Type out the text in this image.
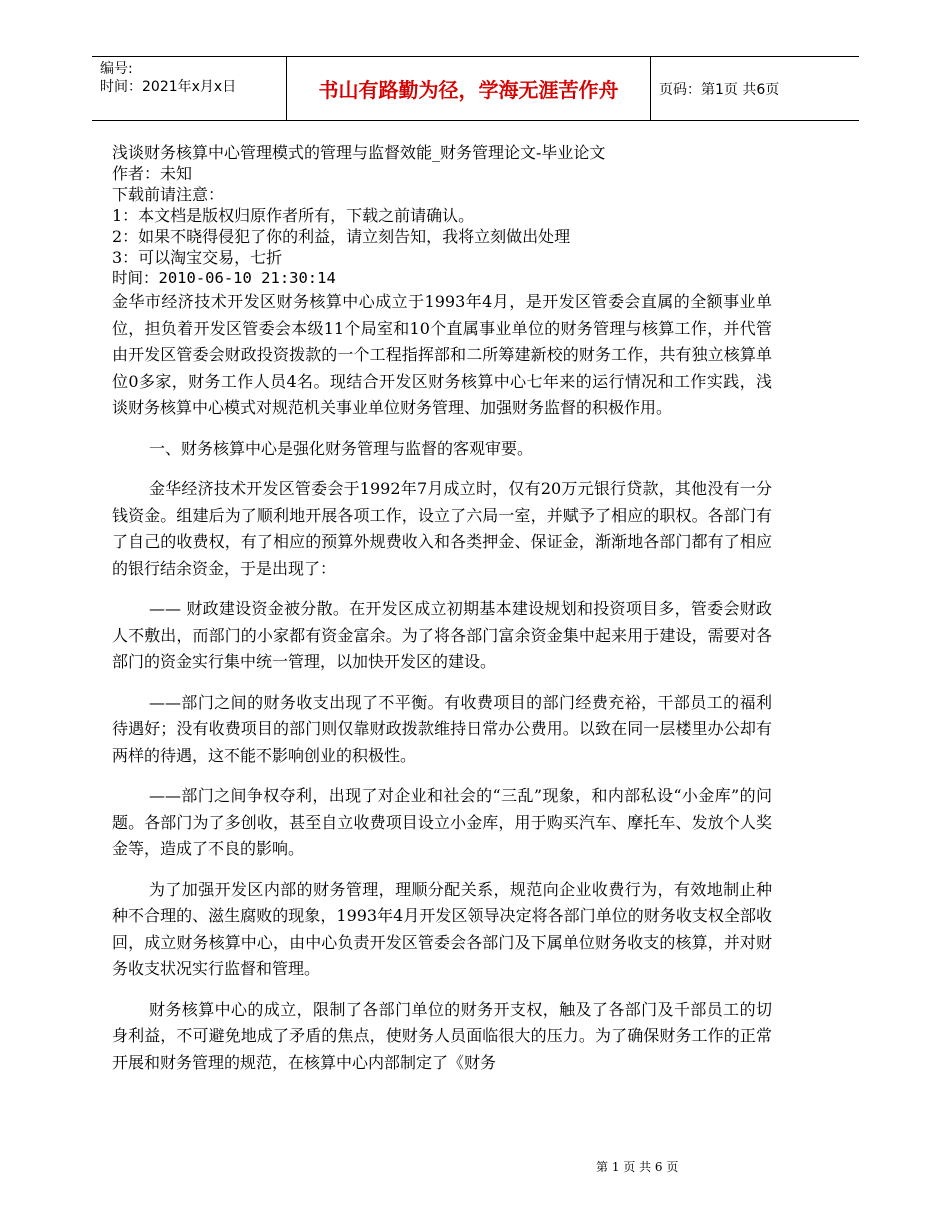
编号:
时间：2021年x月x日	书山有路勤为径，学海无涯苦作舟	页码：第1页 共6页
浅谈财务核算中心管理模式的管理与监督效能_财务管理论文-毕业论文
作者：未知
下载前请注意：
1：本文档是版权归原作者所有，下载之前请确认。
2：如果不晓得侵犯了你的利益，请立刻告知，我将立刻做出处理
3：可以淘宝交易，七折
时间：2010-06-10 21:30:14

金华市经济技术开发区财务核算中心成立于1993年4月，是开发区管委会直属的全额事业单位，担负着开发区管委会本级11个局室和10个直属事业单位的财务管理与核算工作，并代管由开发区管委会财政投资拨款的一个工程指挥部和二所筹建新校的财务工作，共有独立核算单位0多家，财务工作人员4名。现结合开发区财务核算中心七年来的运行情况和工作实践，浅谈财务核算中心模式对规范机关事业单位财务管理、加强财务监督的积极作用。

一、财务核算中心是强化财务管理与监督的客观审要。

金华经济技术开发区管委会于1992年7月成立时，仅有20万元银行贷款，其他没有一分钱资金。组建后为了顺利地开展各项工作，设立了六局一室，并赋予了相应的职权。各部门有了自己的收费权，有了相应的预算外规费收入和各类押金、保证金，渐渐地各部门都有了相应的银行结余资金，于是出现了：

—— 财政建设资金被分散。在开发区成立初期基本建设规划和投资项目多，管委会财政人不敷出，而部门的小家都有资金富余。为了将各部门富余资金集中起来用于建设，需要对各部门的资金实行集中统一管理，以加快开发区的建设。

——部门之间的财务收支出现了不平衡。有收费项目的部门经费充裕，干部员工的福利待遇好；没有收费项目的部门则仅靠财政拨款维持日常办公费用。以致在同一层楼里办公却有两样的待遇，这不能不影响创业的积极性。

——部门之间争权夺利，出现了对企业和社会的“三乱”现象，和内部私设“小金库”的问题。各部门为了多创收，甚至自立收费项目设立小金库，用于购买汽车、摩托车、发放个人奖金等，造成了不良的影响。

为了加强开发区内部的财务管理，理顺分配关系，规范向企业收费行为，有效地制止种种不合理的、滋生腐败的现象，1993年4月开发区领导决定将各部门单位的财务收支权全部收回，成立财务核算中心，由中心负责开发区管委会各部门及下属单位财务收支的核算，并对财务收支状况实行监督和管理。

财务核算中心的成立，限制了各部门单位的财务开支权，触及了各部门及千部员工的切身利益，不可避免地成了矛盾的焦点，使财务人员面临很大的压力。为了确保财务工作的正常开展和财务管理的规范，在核算中心内部制定了《财务

第 1 页 共 6 页
